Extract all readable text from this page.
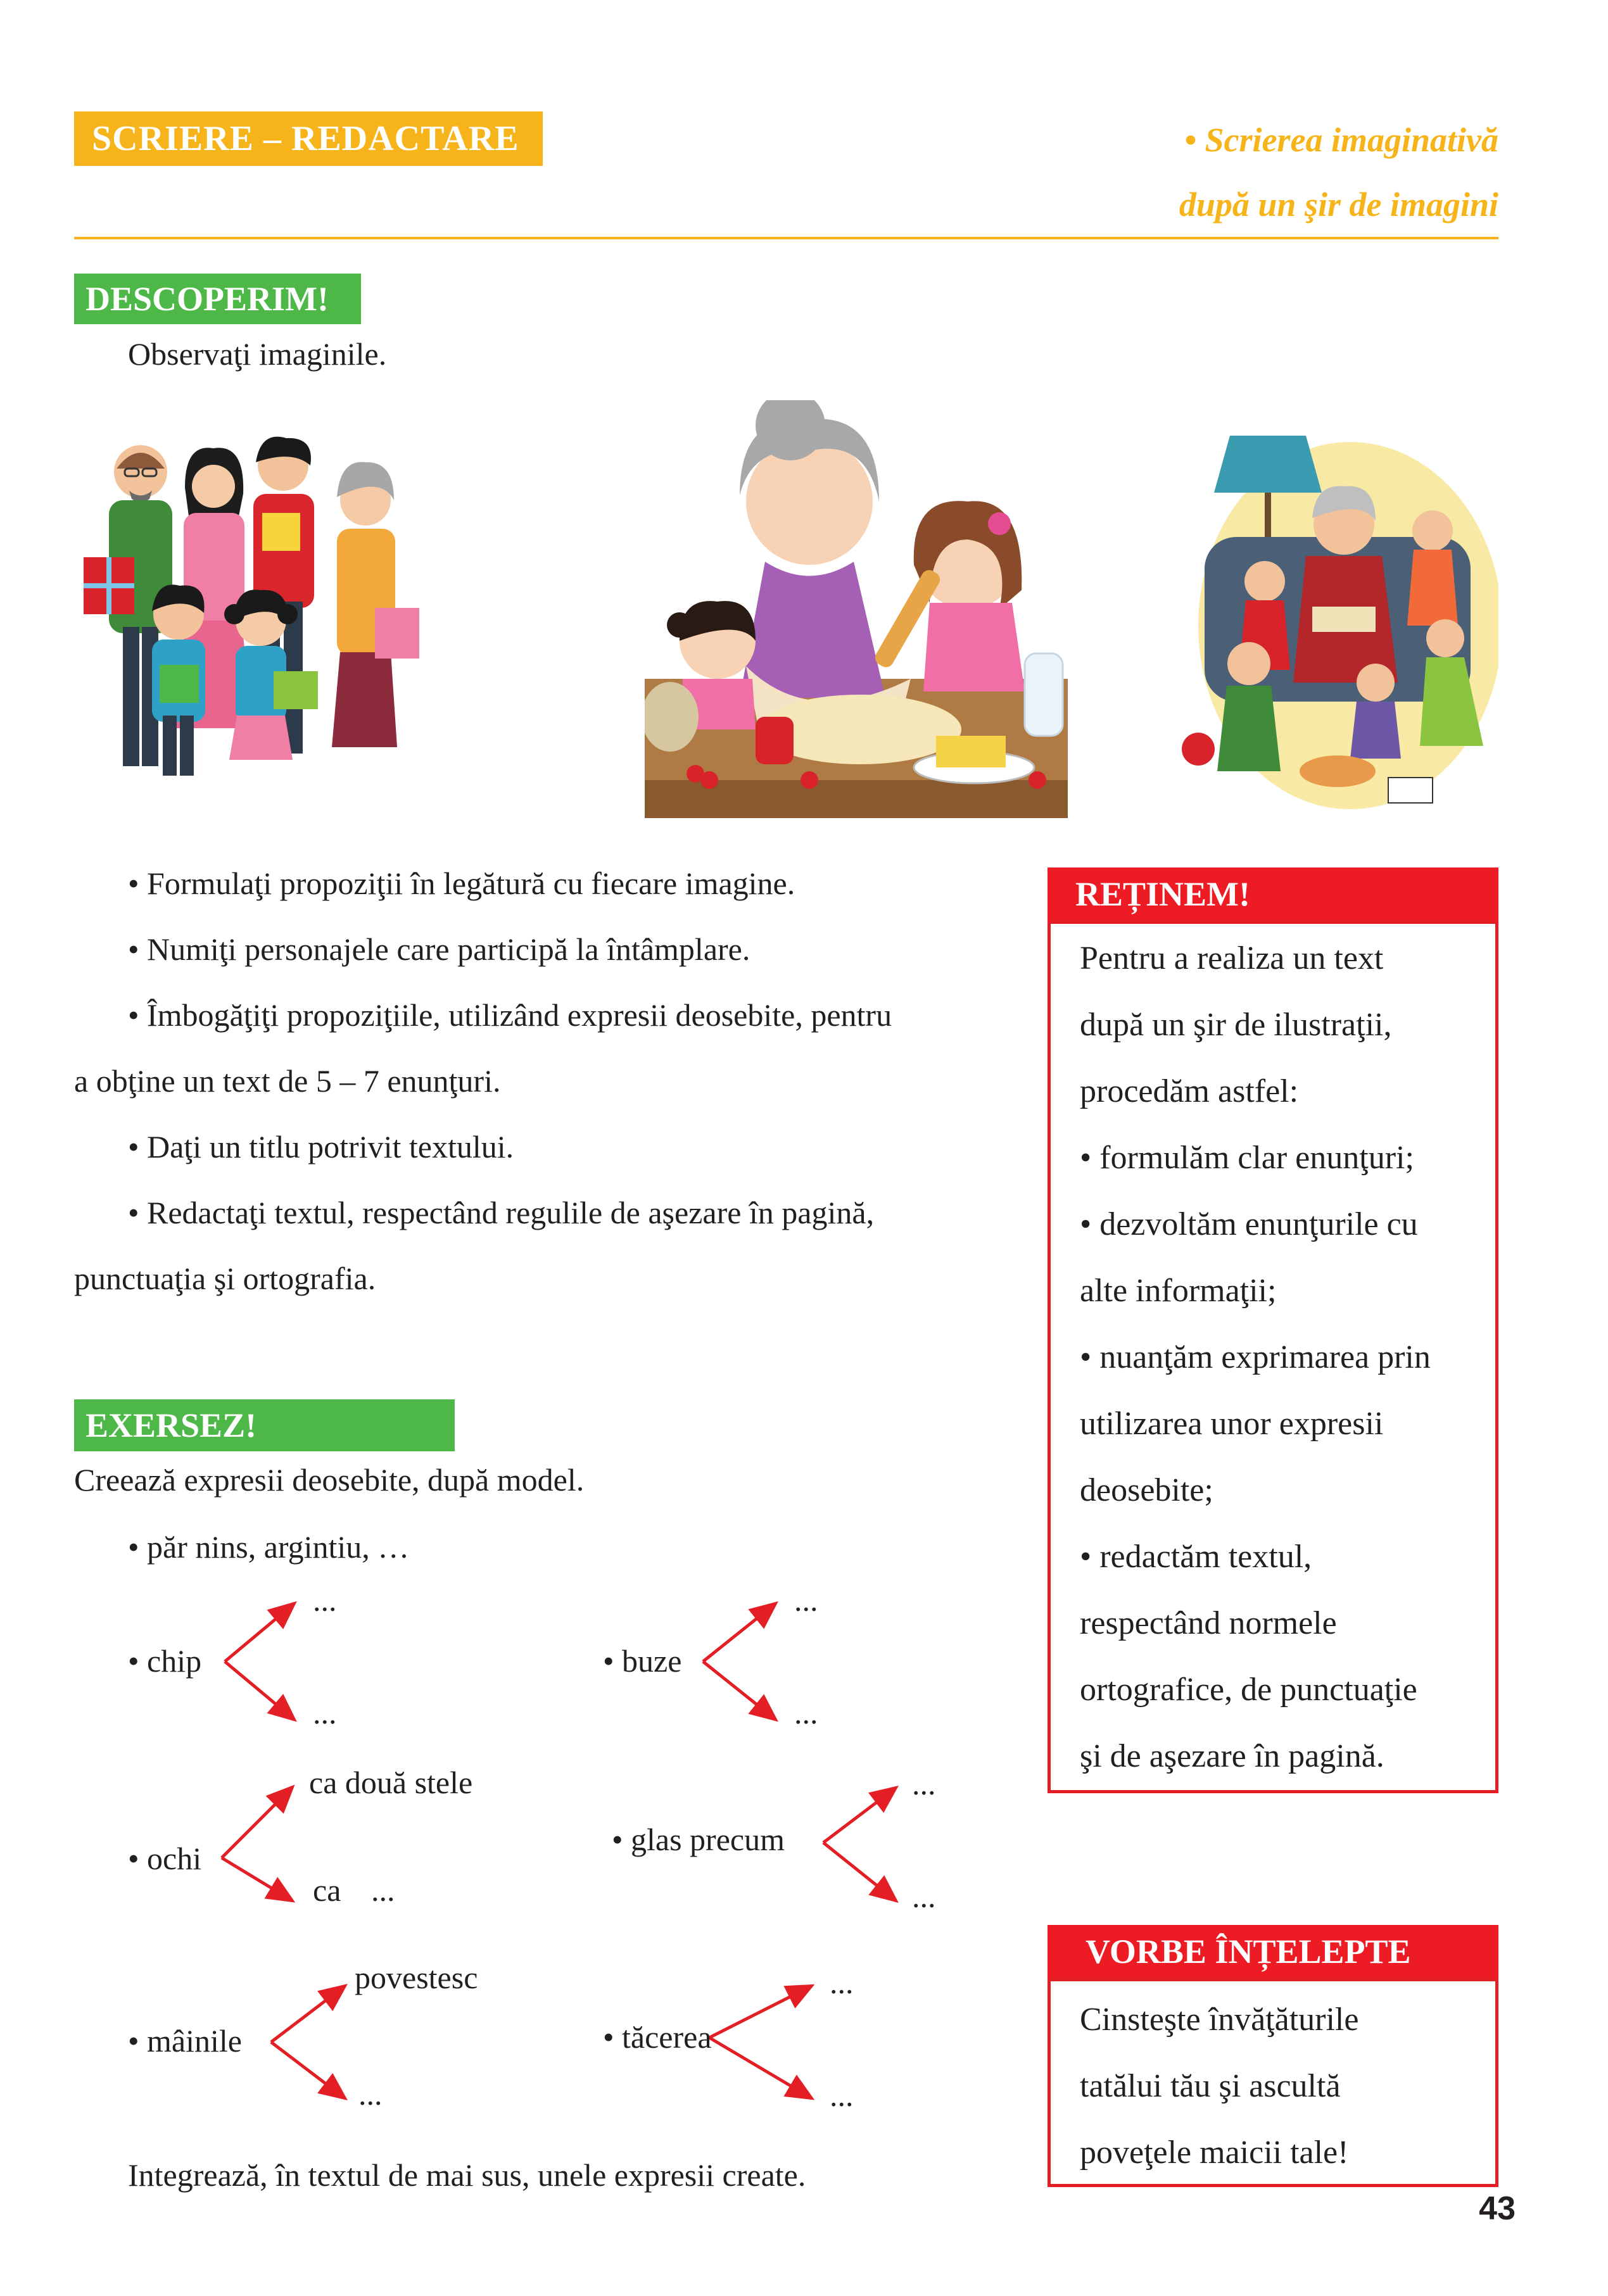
SCRIERE – REDACTARE	• Scrierea imaginativă
după un şir de imagini
DESCOPERIM!
Observaţi imaginile.
• Formulaţi propoziţii în legătură cu fiecare imagine.
• Numiţi personajele care participă la întâmplare.
• Îmbogăţiţi propoziţiile, utilizând expresii deosebite, pentru
a obţine un text de 5 – 7 enunţuri.
• Daţi un titlu potrivit textului.
• Redactaţi textul, respectând regulile de aşezare în pagină,
punctuaţia şi ortografia.
REȚINEM!
Pentru a realiza un text
după un şir de ilustraţii,
procedăm astfel:
• formulăm clar enunţuri;
• dezvoltăm enunţurile cu
alte informaţii;
• nuanţăm exprimarea prin
utilizarea unor expresii
deosebite;
• redactăm textul,
respectând normele
ortografice, de punctuaţie
şi de aşezare în pagină.
EXERSEZ!
Creează expresii deosebite, după model.
• păr nins, argintiu, …
• chip
...
...
• buze
...
...
• ochi
ca două stele
ca ...
• glas precum
...
...
• mâinile
povestesc
...
• tăcerea
...
...
Integrează, în textul de mai sus, unele expresii create.
VORBE ÎNȚELEPTE
Cinsteşte învăţăturile
tatălui tău şi ascultă
poveţele maicii tale!
43
